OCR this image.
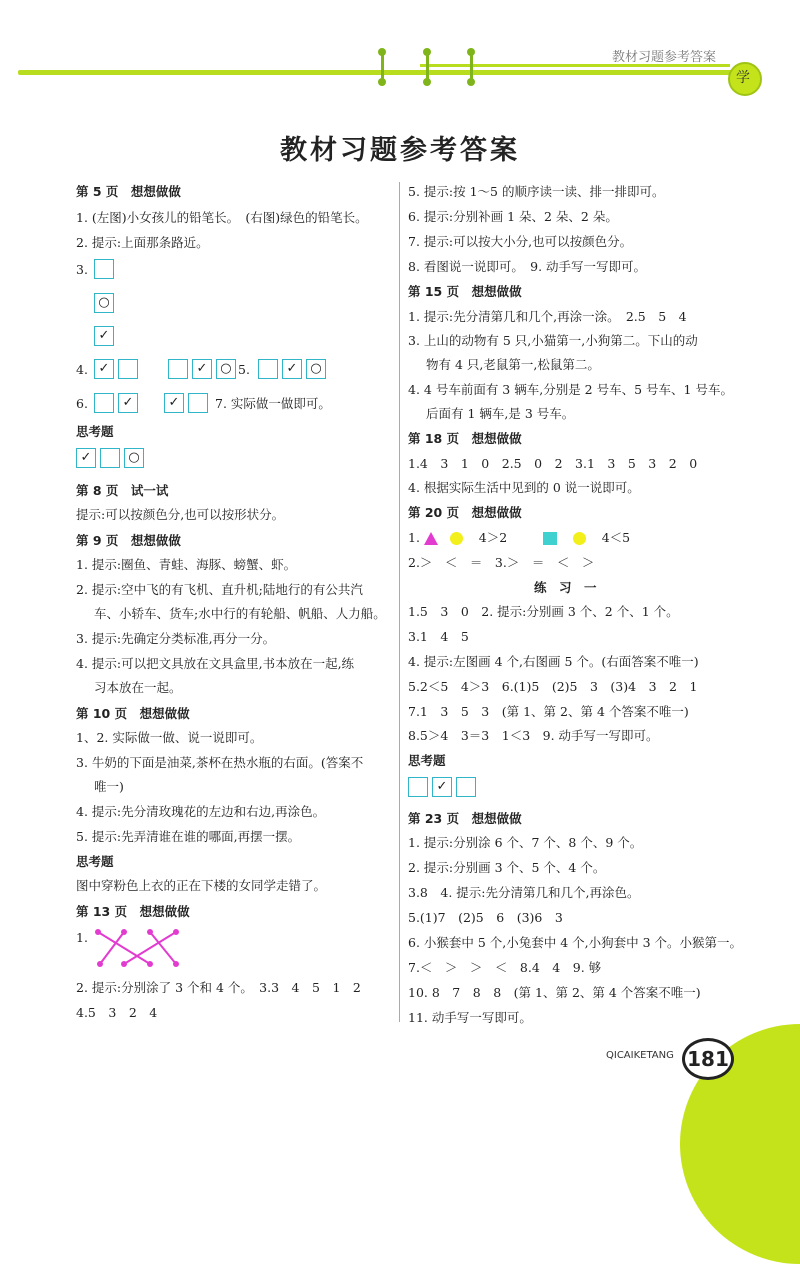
教材习题参考答案
学
教材习题参考答案
第 5 页　想想做做
1. (左图)小女孩儿的铅笔长。　(右图)绿色的铅笔长。
2. 提示:上面那条路近。
3.
○
✓
4. ✓	✓ ○ 5.	✓ ○
6.	✓	✓	7. 实际做一做即可。
思考题
✓	○
第 8 页　试一试
提示:可以按颜色分,也可以按形状分。
第 9 页　想想做做
1. 提示:圈鱼、青蛙、海豚、螃蟹、虾。
2. 提示:空中飞的有飞机、直升机;陆地行的有公共汽
车、小轿车、货车;水中行的有轮船、帆船、人力船。
3. 提示:先确定分类标准,再分一分。
4. 提示:可以把文具放在文具盒里,书本放在一起,练
习本放在一起。
第 10 页　想想做做
1、2. 实际做一做、说一说即可。
3. 牛奶的下面是油菜,茶杯在热水瓶的右面。(答案不
唯一)
4. 提示:先分清玫瑰花的左边和右边,再涂色。
5. 提示:先弄清谁在谁的哪面,再摆一摆。
思考题
图中穿粉色上衣的正在下楼的女同学走错了。
第 13 页　想想做做
1.
2. 提示:分别涂了 3 个和 4 个。　3.3　4　5　1　2
4.5　3　2　4
5. 提示:按 1～5 的顺序读一读、排一排即可。
6. 提示:分别补画 1 朵、2 朵、2 朵。
7. 提示:可以按大小分,也可以按颜色分。
8. 看图说一说即可。　9. 动手写一写即可。
第 15 页　想想做做
1. 提示:先分清第几和几个,再涂一涂。　2.5　5　4
3. 上山的动物有 5 只,小猫第一,小狗第二。下山的动
物有 4 只,老鼠第一,松鼠第二。
4. 4 号车前面有 3 辆车,分别是 2 号车、5 号车、1 号车。
后面有 1 辆车,是 3 号车。
第 18 页　想想做做
1.4　3　1　0　2.5　0　2　3.1　3　5　3　2　0
4. 根据实际生活中见到的 0 说一说即可。
第 20 页　想想做做
1.	4＞2	4＜5
2.＞　＜　＝　3.＞　＝　＜　＞
练　习　一
1.5　3　0　2. 提示:分别画 3 个、2 个、1 个。
3.1　4　5
4. 提示:左图画 4 个,右图画 5 个。(右面答案不唯一)
5.2＜5　4＞3　6.(1)5　(2)5　3　(3)4　3　2　1
7.1　3　5　3　(第 1、第 2、第 4 个答案不唯一)
8.5＞4　3＝3　1＜3　9. 动手写一写即可。
思考题
✓
第 23 页　想想做做
1. 提示:分别涂 6 个、7 个、8 个、9 个。
2. 提示:分别画 3 个、5 个、4 个。
3.8　4. 提示:先分清第几和几个,再涂色。
5.(1)7　(2)5　6　(3)6　3
6. 小猴套中 5 个,小兔套中 4 个,小狗套中 3 个。小猴第一。
7.＜　＞　＞　＜　8.4　4　9. 够
10. 8　7　8　8　(第 1、第 2、第 4 个答案不唯一)
11. 动手写一写即可。
QICAIKETANG 181
